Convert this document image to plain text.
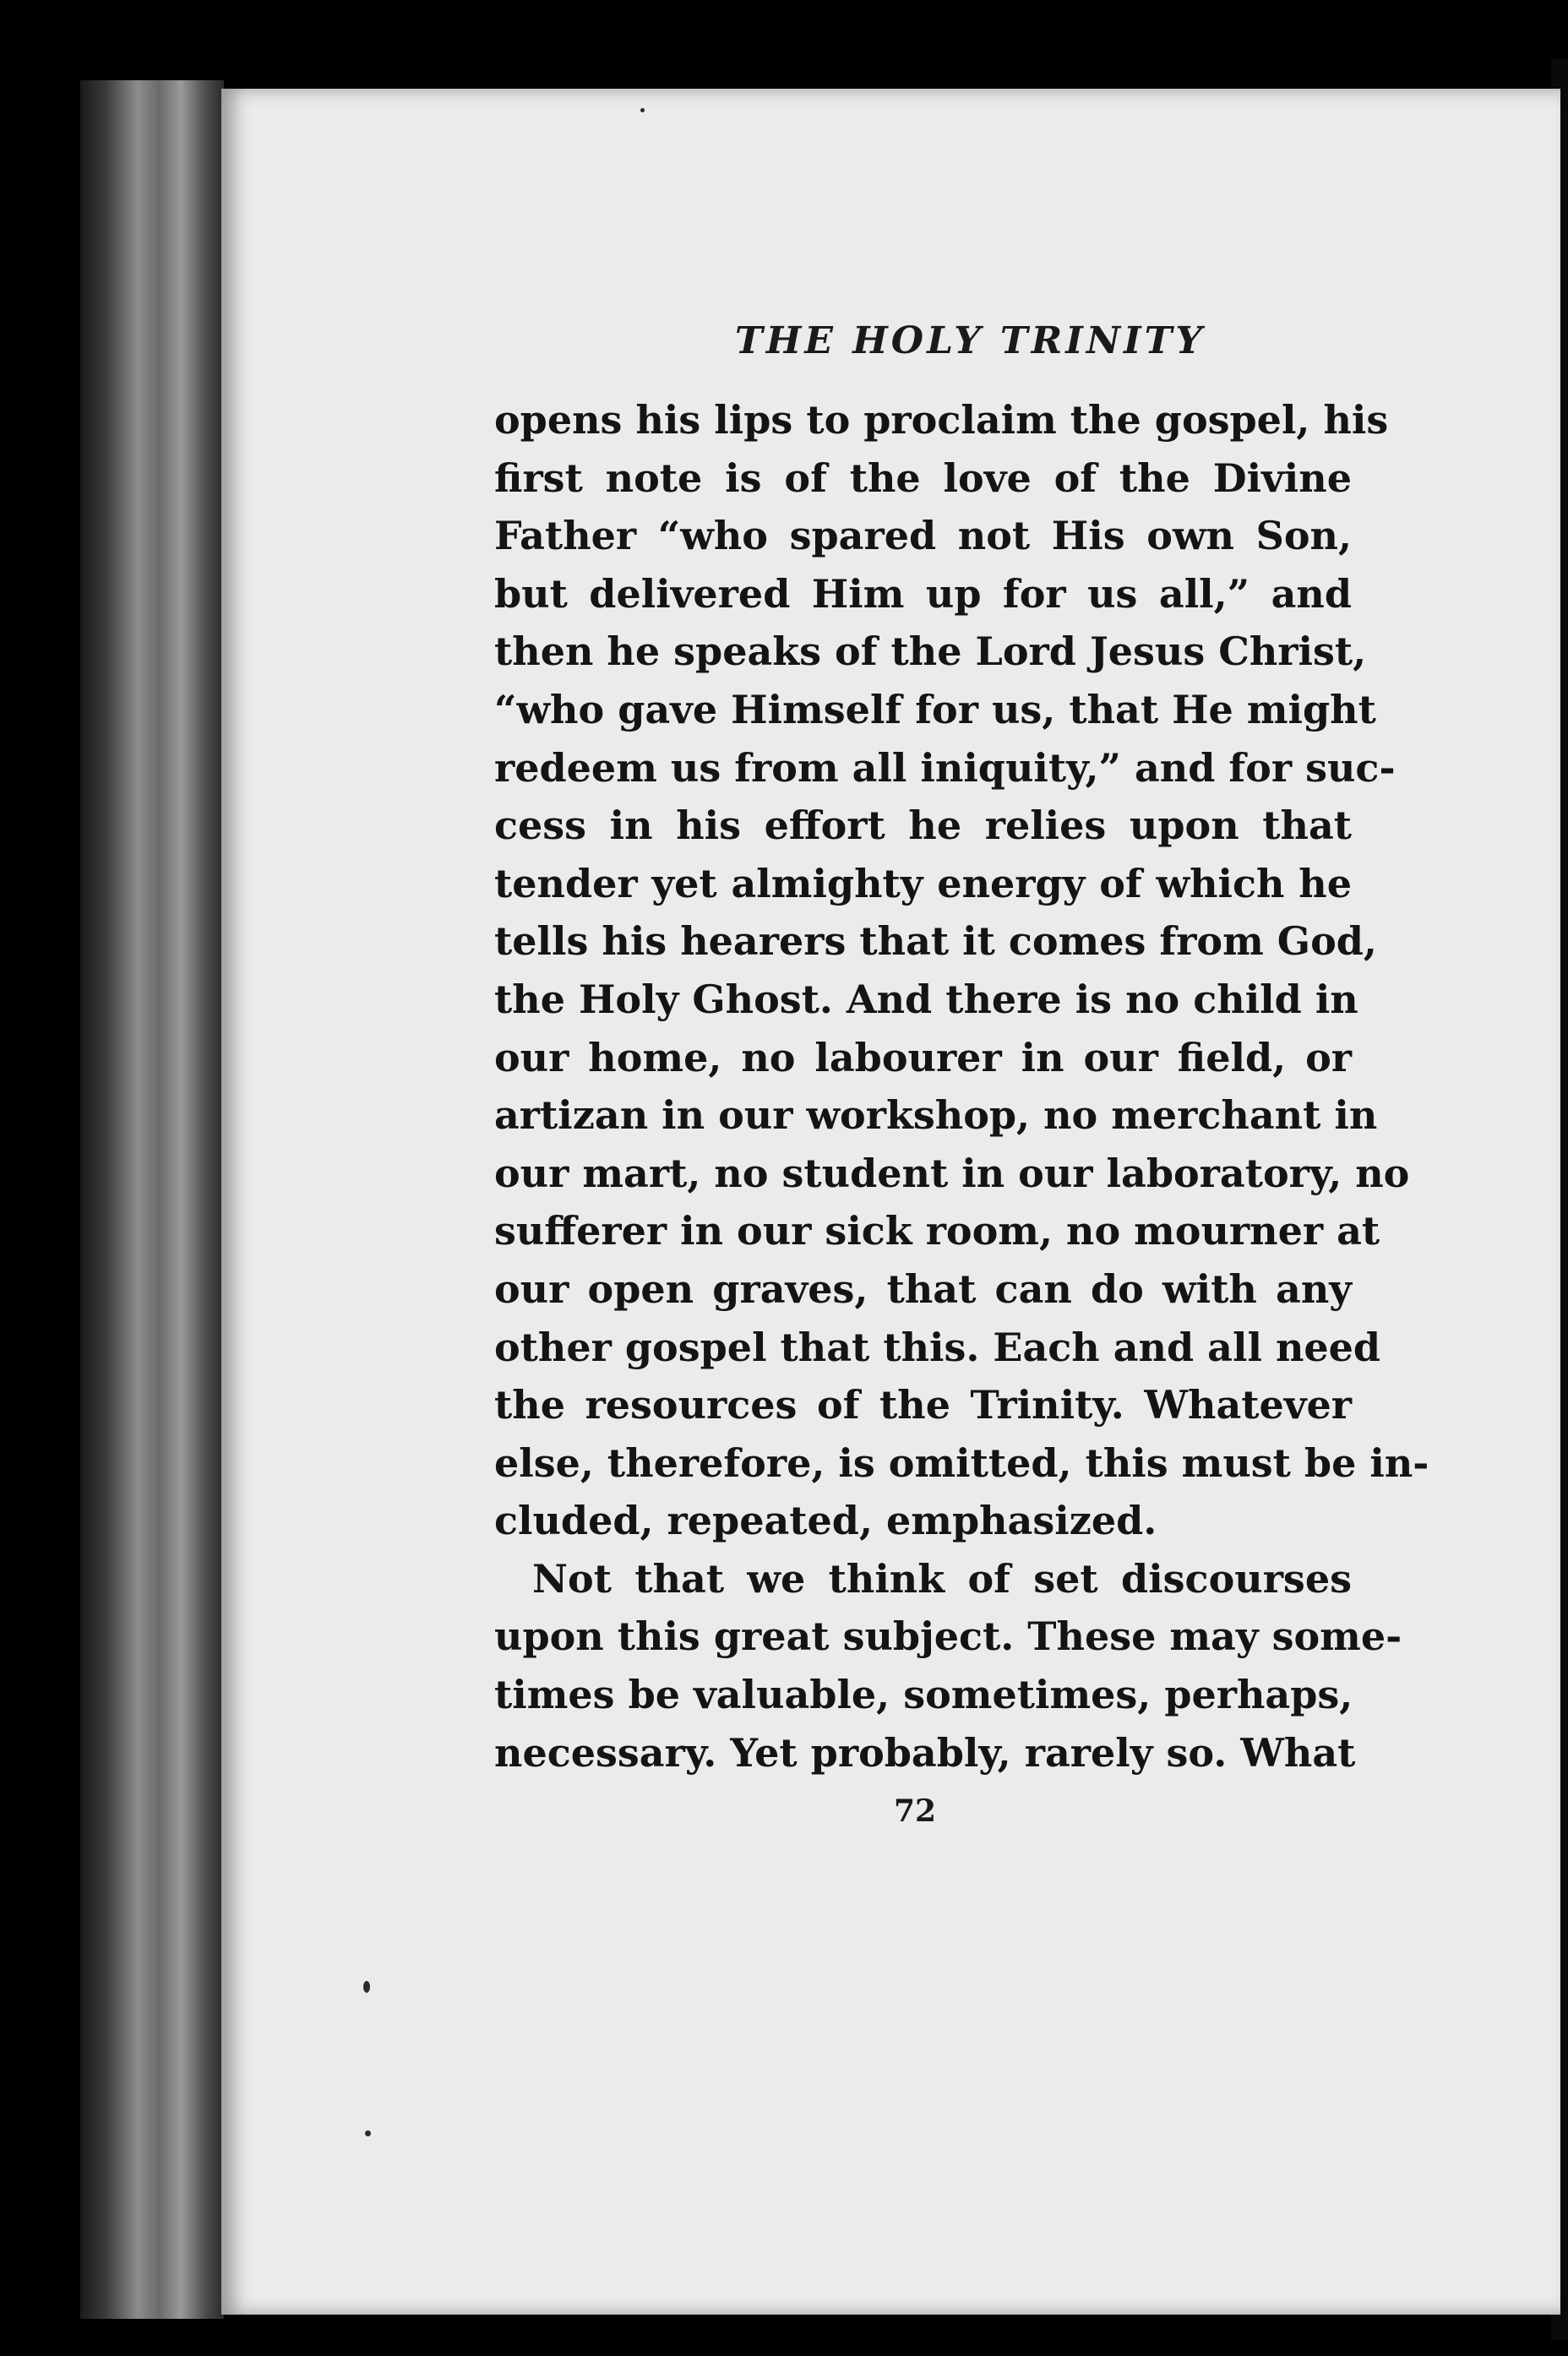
THE HOLY TRINITY
opens his lips to proclaim the gospel, his
first note is of the love of the Divine
Father “who spared not His own Son,
but delivered Him up for us all,” and
then he speaks of the Lord Jesus Christ,
“who gave Himself for us, that He might
redeem us from all iniquity,” and for suc-
cess in his effort he relies upon that
tender yet almighty energy of which he
tells his hearers that it comes from God,
the Holy Ghost. And there is no child in
our home, no labourer in our field, or
artizan in our workshop, no merchant in
our mart, no student in our laboratory, no
sufferer in our sick room, no mourner at
our open graves, that can do with any
other gospel that this. Each and all need
the resources of the Trinity. Whatever
else, therefore, is omitted, this must be in-
cluded, repeated, emphasized.
Not that we think of set discourses
upon this great subject. These may some-
times be valuable, sometimes, perhaps,
necessary. Yet probably, rarely so. What
72
